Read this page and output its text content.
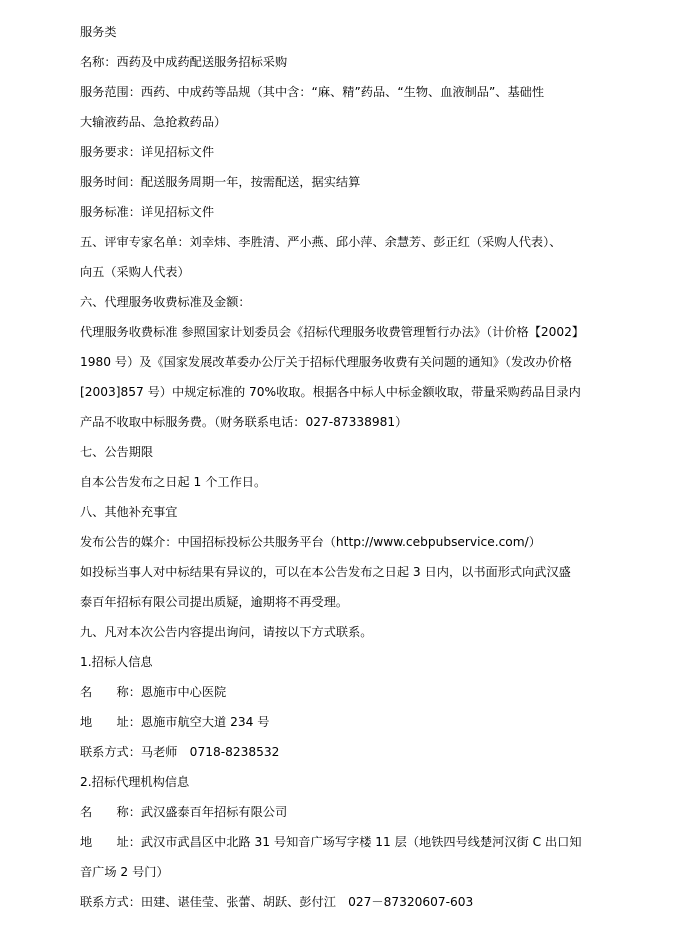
服务类
名称：西药及中成药配送服务招标采购
服务范围：西药、中成药等品规（其中含：“麻、精”药品、“生物、血液制品”、基础性
大输液药品、急抢救药品）
服务要求：详见招标文件
服务时间：配送服务周期一年，按需配送，据实结算
服务标准：详见招标文件
五、评审专家名单：刘幸炜、李胜清、严小燕、邱小萍、余慧芳、彭正红（采购人代表）、
向五（采购人代表）
六、代理服务收费标准及金额：
代理服务收费标准 参照国家计划委员会《招标代理服务收费管理暂行办法》（计价格【2002】
1980 号）及《国家发展改革委办公厅关于招标代理服务收费有关问题的通知》（发改办价格
[2003]857 号）中规定标准的 70%收取。根据各中标人中标金额收取，带量采购药品目录内
产品不收取中标服务费。（财务联系电话：027-87338981）
七、公告期限
自本公告发布之日起 1 个工作日。
八、其他补充事宜
发布公告的媒介：中国招标投标公共服务平台（http://www.cebpubservice.com/）
如投标当事人对中标结果有异议的，可以在本公告发布之日起 3 日内，以书面形式向武汉盛
泰百年招标有限公司提出质疑，逾期将不再受理。
九、凡对本次公告内容提出询问，请按以下方式联系。
1.招标人信息
名　　称：恩施市中心医院
地　　址：恩施市航空大道 234 号
联系方式：马老师　0718-8238532
2.招标代理机构信息
名　　称：武汉盛泰百年招标有限公司
地　　址：武汉市武昌区中北路 31 号知音广场写字楼 11 层（地铁四号线楚河汉街 C 出口知
音广场 2 号门）
联系方式：田建、谌佳莹、张蕾、胡跃、彭付江　027－87320607-603
